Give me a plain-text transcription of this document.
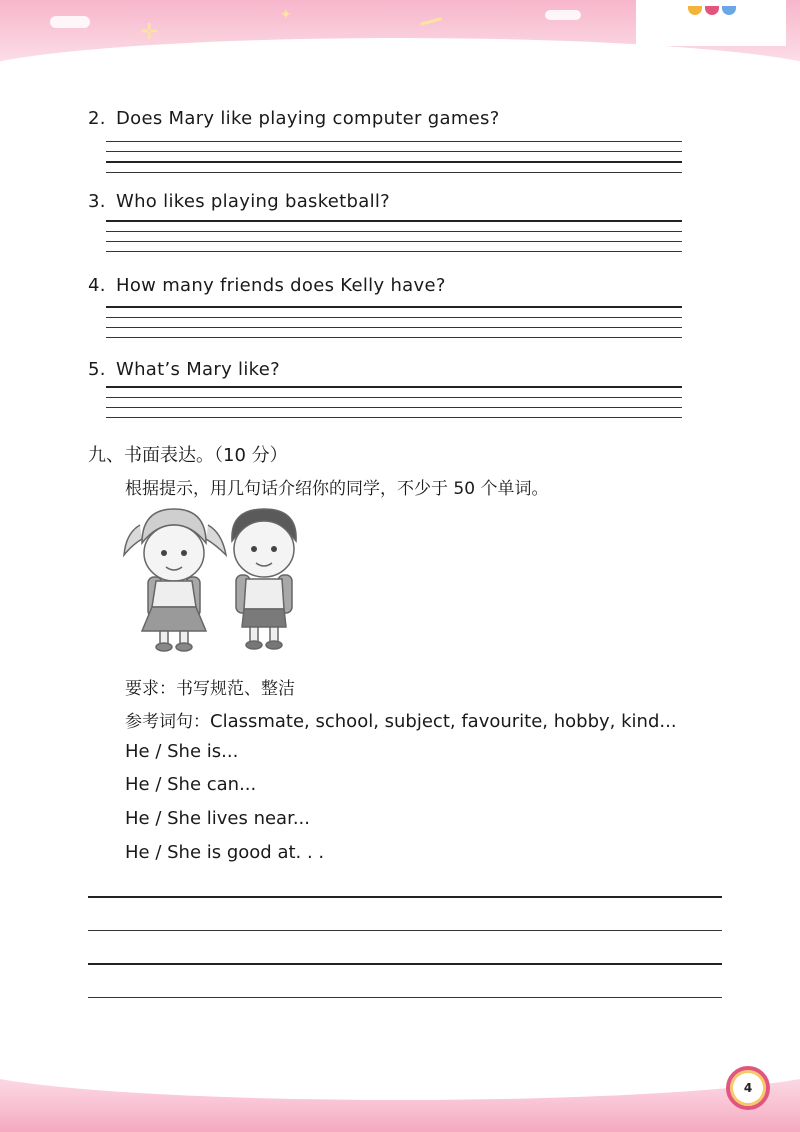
✛
✦
2. Does Mary like playing computer games?
3. Who likes playing basketball?
4. How many friends does Kelly have?
5. What’s Mary like?
九、书面表达。（10 分）
根据提示，用几句话介绍你的同学，不少于 50 个单词。
要求：书写规范、整洁
参考词句：Classmate, school, subject, favourite, hobby, kind...
He / She is...
He / She can...
He / She lives near...
He / She is good at. . .
4
